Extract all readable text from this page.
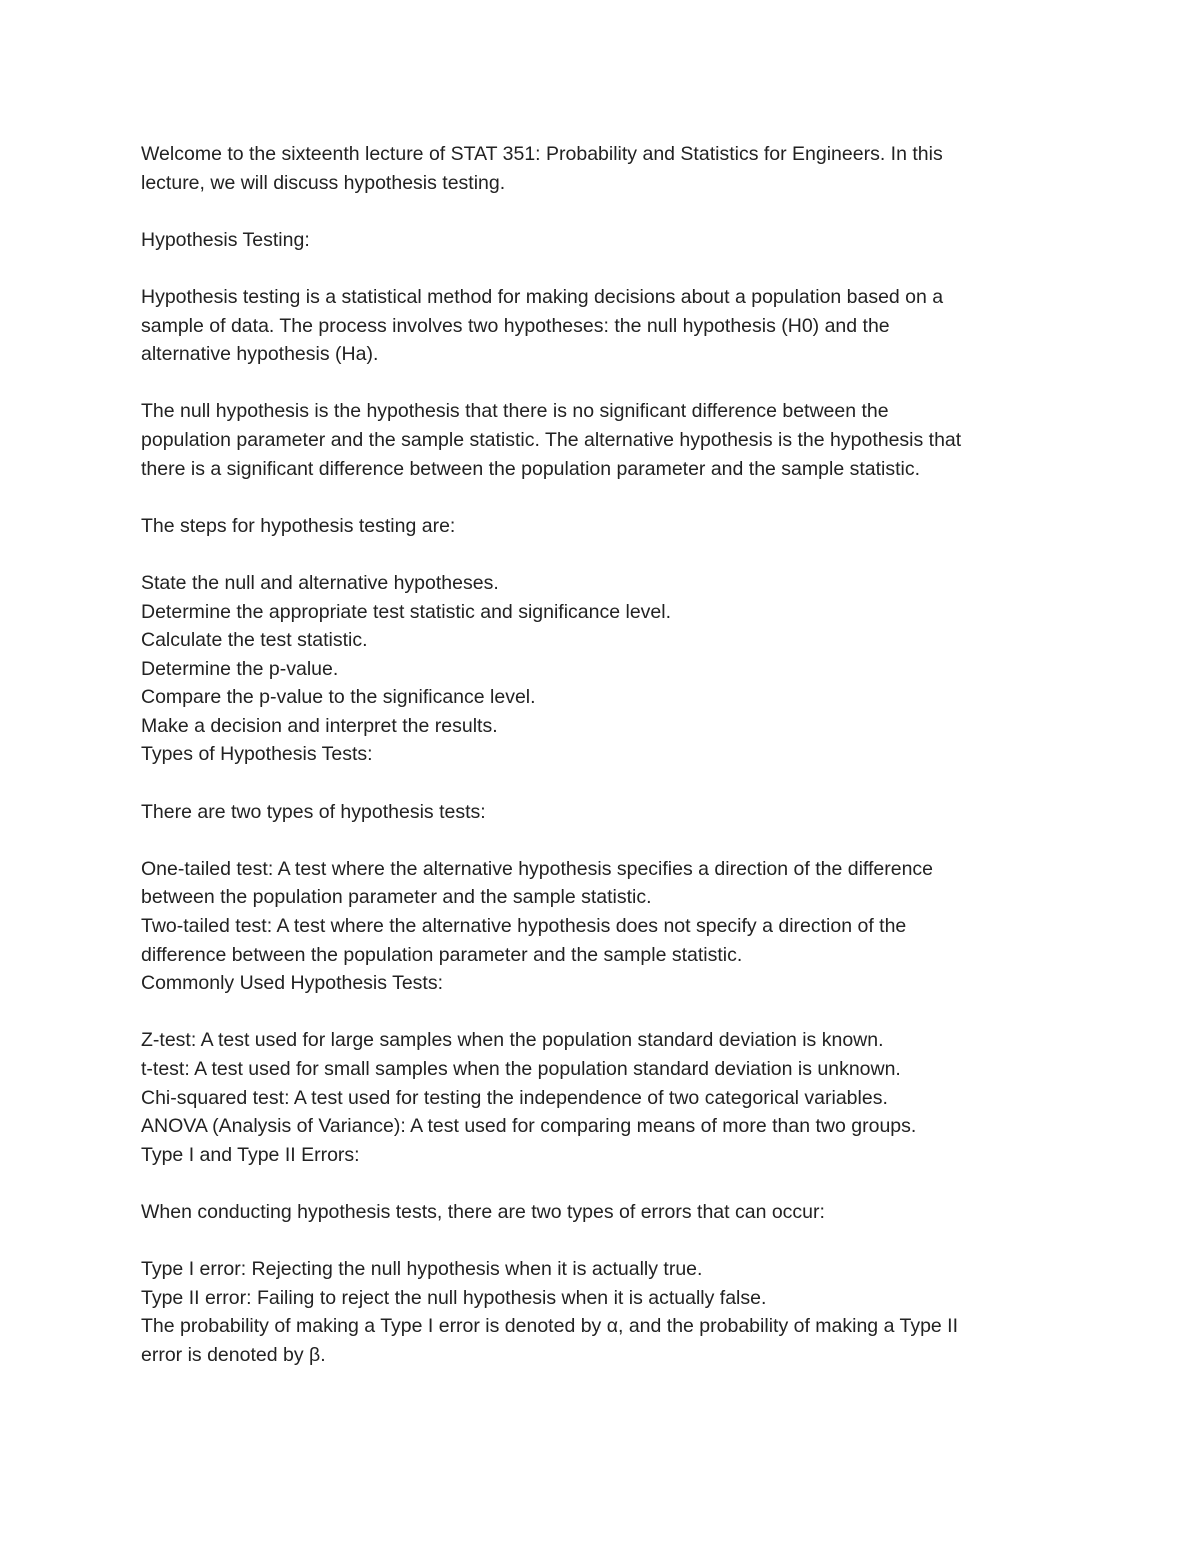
Welcome to the sixteenth lecture of STAT 351: Probability and Statistics for Engineers. In this
lecture, we will discuss hypothesis testing.
Hypothesis Testing:
Hypothesis testing is a statistical method for making decisions about a population based on a
sample of data. The process involves two hypotheses: the null hypothesis (H0) and the
alternative hypothesis (Ha).
The null hypothesis is the hypothesis that there is no significant difference between the
population parameter and the sample statistic. The alternative hypothesis is the hypothesis that
there is a significant difference between the population parameter and the sample statistic.
The steps for hypothesis testing are:
State the null and alternative hypotheses.
Determine the appropriate test statistic and significance level.
Calculate the test statistic.
Determine the p-value.
Compare the p-value to the significance level.
Make a decision and interpret the results.
Types of Hypothesis Tests:
There are two types of hypothesis tests:
One-tailed test: A test where the alternative hypothesis specifies a direction of the difference
between the population parameter and the sample statistic.
Two-tailed test: A test where the alternative hypothesis does not specify a direction of the
difference between the population parameter and the sample statistic.
Commonly Used Hypothesis Tests:
Z-test: A test used for large samples when the population standard deviation is known.
t-test: A test used for small samples when the population standard deviation is unknown.
Chi-squared test: A test used for testing the independence of two categorical variables.
ANOVA (Analysis of Variance): A test used for comparing means of more than two groups.
Type I and Type II Errors:
When conducting hypothesis tests, there are two types of errors that can occur:
Type I error: Rejecting the null hypothesis when it is actually true.
Type II error: Failing to reject the null hypothesis when it is actually false.
The probability of making a Type I error is denoted by α, and the probability of making a Type II
error is denoted by β.
